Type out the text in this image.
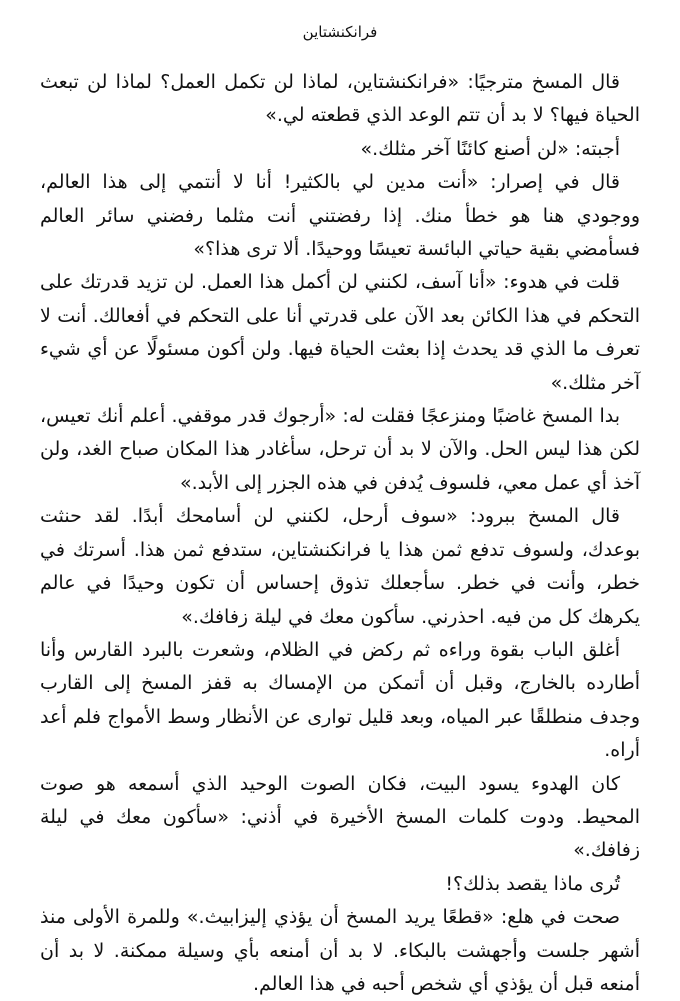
فرانكنشتاين

قال المسخ مترجيًا: «فرانكنشتاين، لماذا لن تكمل العمل؟ لماذا لن تبعث الحياة فيها؟ لا بد أن تتم الوعد الذي قطعته لي.»

أجبته: «لن أصنع كائنًا آخر مثلك.»

قال في إصرار: «أنت مدين لي بالكثير! أنا لا أنتمي إلى هذا العالم، ووجودي هنا هو خطأ منك. إذا رفضتني أنت مثلما رفضني سائر العالم فسأمضي بقية حياتي البائسة تعيسًا ووحيدًا. ألا ترى هذا؟»

قلت في هدوء: «أنا آسف، لكنني لن أكمل هذا العمل. لن تزيد قدرتك على التحكم في هذا الكائن بعد الآن على قدرتي أنا على التحكم في أفعالك. أنت لا تعرف ما الذي قد يحدث إذا بعثت الحياة فيها. ولن أكون مسئولًا عن أي شيء آخر مثلك.»

بدا المسخ غاضبًا ومنزعجًا فقلت له: «أرجوك قدر موقفي. أعلم أنك تعيس، لكن هذا ليس الحل. والآن لا بد أن ترحل، سأغادر هذا المكان صباح الغد، ولن آخذ أي عمل معي، فلسوف يُدفن في هذه الجزر إلى الأبد.»

قال المسخ ببرود: «سوف أرحل، لكنني لن أسامحك أبدًا. لقد حنثت بوعدك، ولسوف تدفع ثمن هذا يا فرانكنشتاين، ستدفع ثمن هذا. أسرتك في خطر، وأنت في خطر. سأجعلك تذوق إحساس أن تكون وحيدًا في عالم يكرهك كل من فيه. احذرني. سأكون معك في ليلة زفافك.»

أغلق الباب بقوة وراءه ثم ركض في الظلام، وشعرت بالبرد القارس وأنا أطارده بالخارج، وقبل أن أتمكن من الإمساك به قفز المسخ إلى القارب وجدف منطلقًا عبر المياه، وبعد قليل توارى عن الأنظار وسط الأمواج فلم أعد أراه.

كان الهدوء يسود البيت، فكان الصوت الوحيد الذي أسمعه هو صوت المحيط. ودوت كلمات المسخ الأخيرة في أذني: «سأكون معك في ليلة زفافك.»

تُرى ماذا يقصد بذلك؟!

صحت في هلع: «قطعًا يريد المسخ أن يؤذي إليزابيث.» وللمرة الأولى منذ أشهر جلست وأجهشت بالبكاء. لا بد أن أمنعه بأي وسيلة ممكنة. لا بد أن أمنعه قبل أن يؤذي أي شخص أحبه في هذا العالم.
